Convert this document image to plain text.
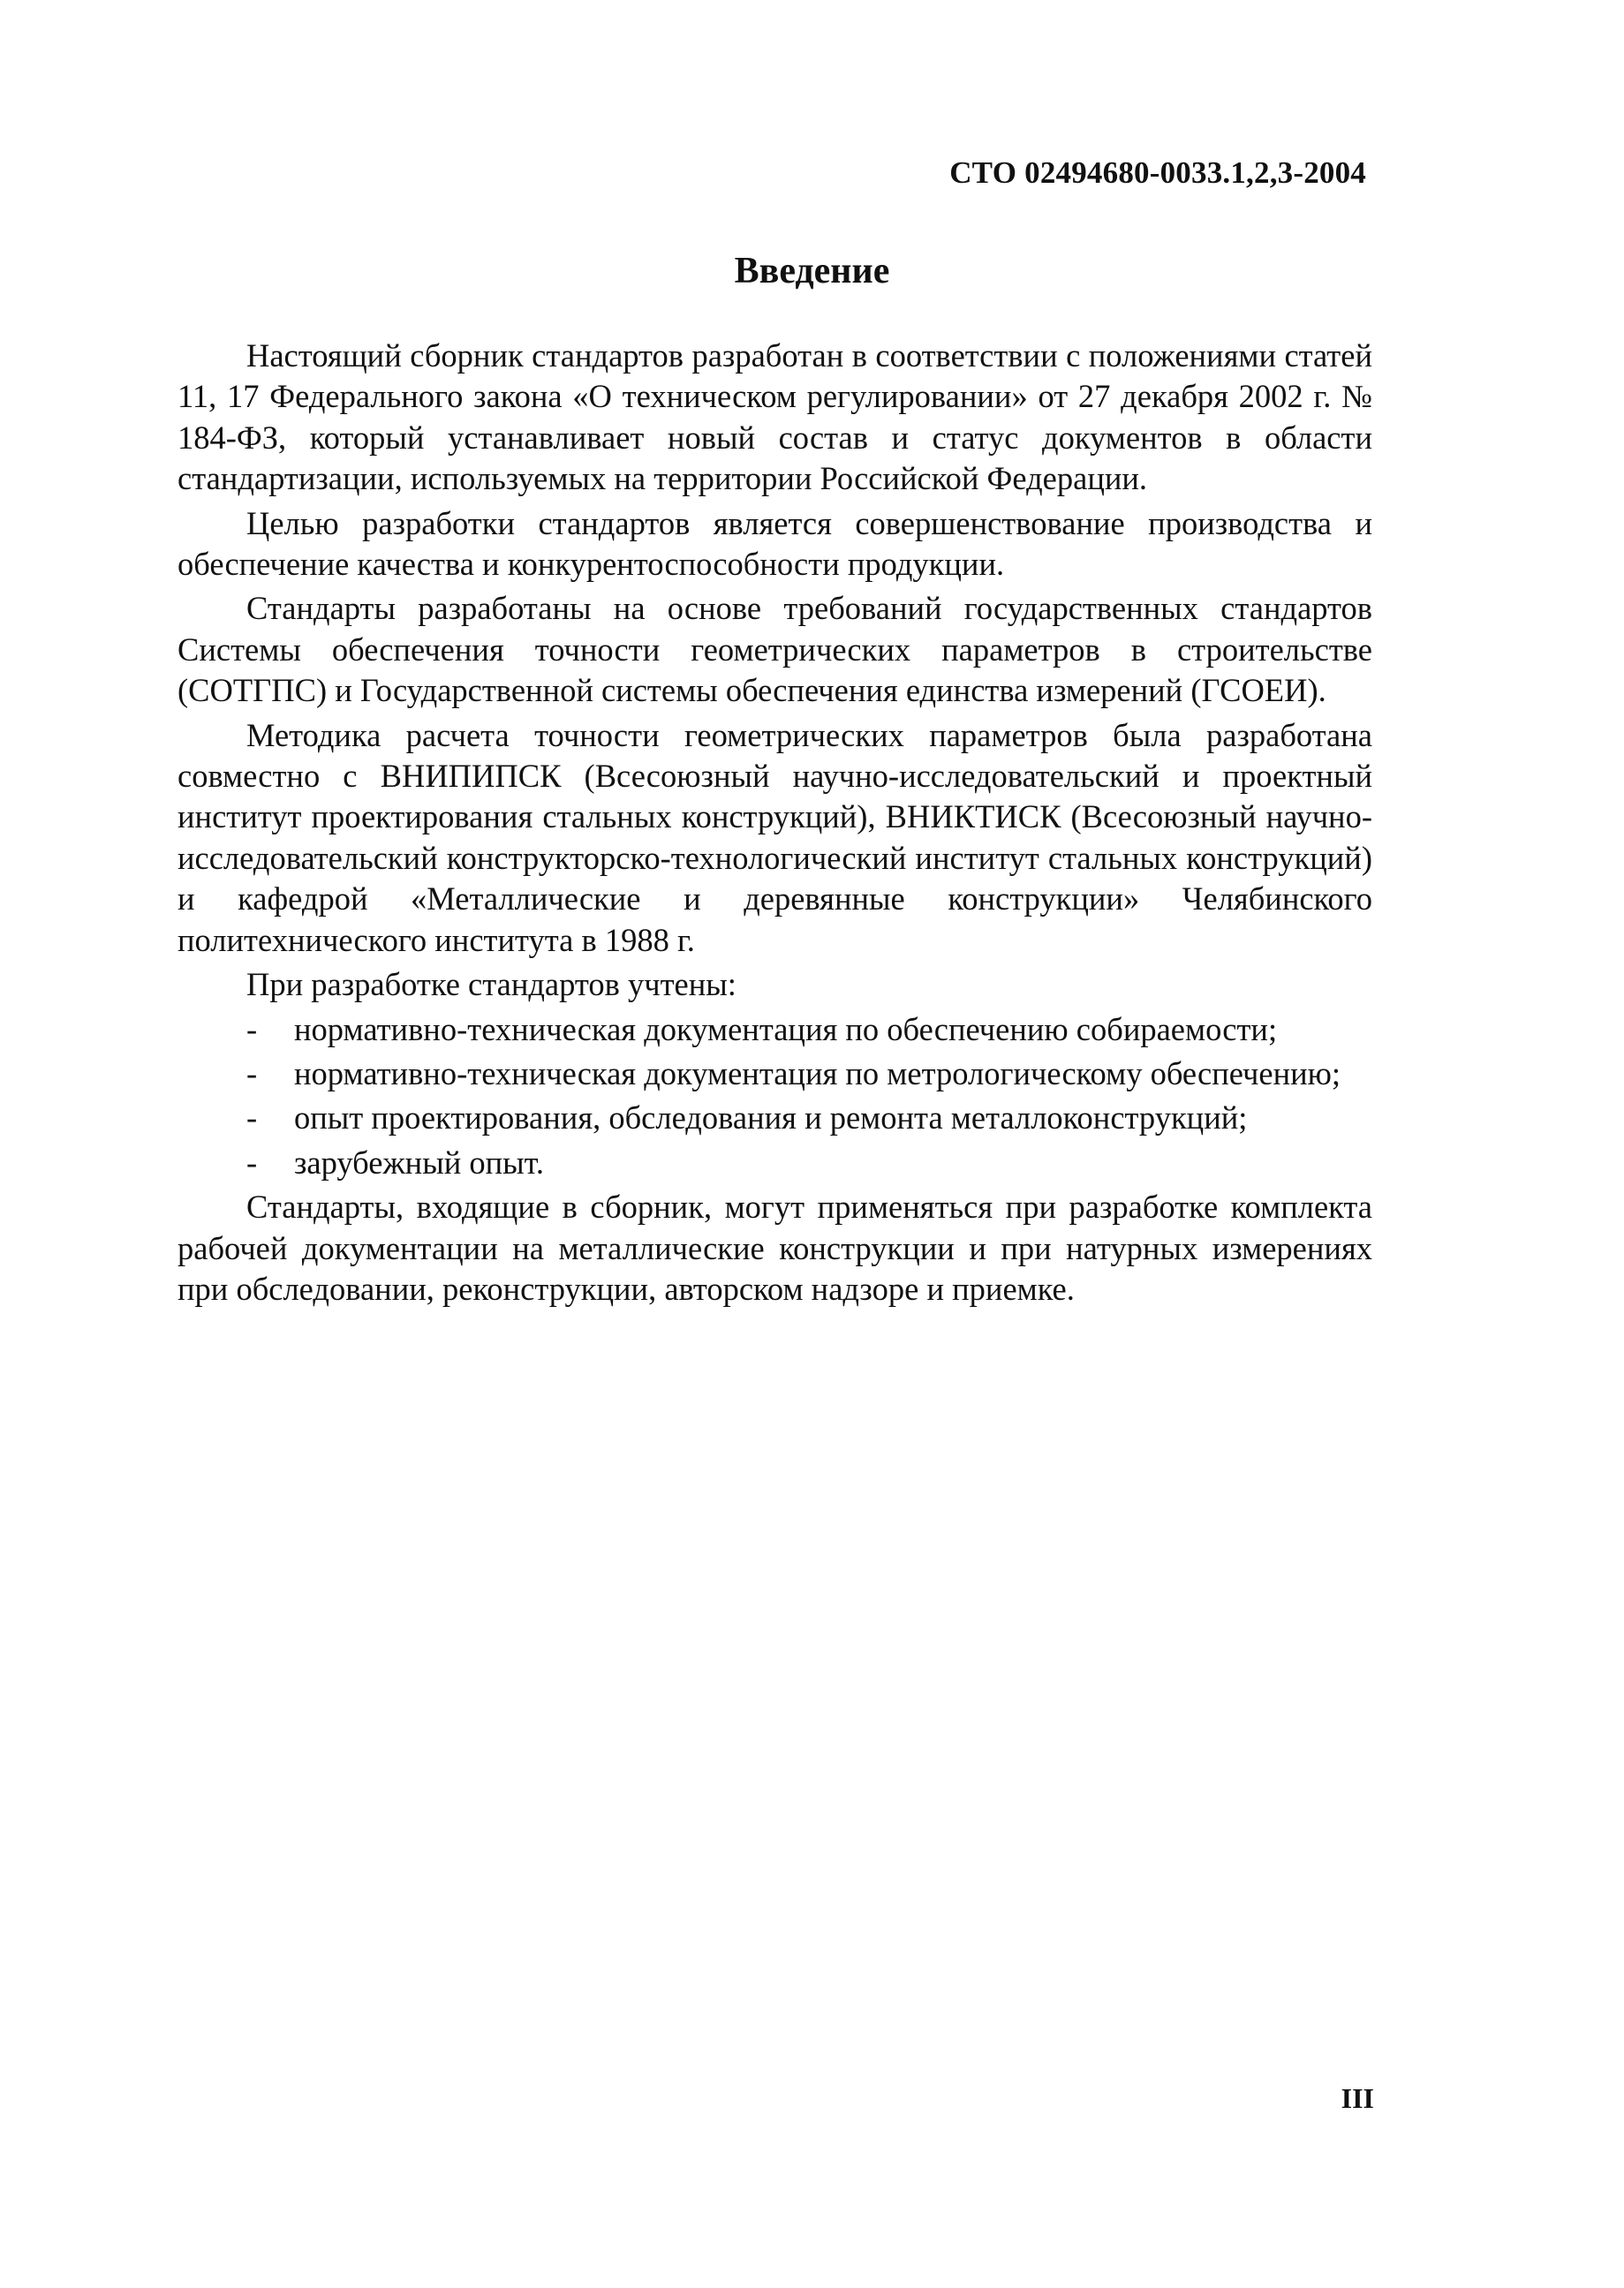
СТО 02494680-0033.1,2,3-2004
Введение

Настоящий сборник стандартов разработан в соответствии с положениями статей 11, 17 Федерального закона «О техническом регулировании» от 27 декабря 2002 г. № 184-ФЗ, который устанавливает новый состав и статус документов в области стандартизации, используемых на территории Российской Федерации.

Целью разработки стандартов является совершенствование производства и обеспечение качества и конкурентоспособности продукции.

Стандарты разработаны на основе требований государственных стандартов Системы обеспечения точности геометрических параметров в строительстве (СОТГПС) и Государственной системы обеспечения единства измерений (ГСОЕИ).

Методика расчета точности геометрических параметров была разработана совместно с ВНИПИПСК (Всесоюзный научно-исследовательский и проектный институт проектирования стальных конструкций), ВНИКТИСК (Всесоюзный научно-исследовательский конструкторско-технологический институт стальных конструкций) и кафедрой «Металлические и деревянные конструкции» Челябинского политехнического института в 1988 г.

При разработке стандартов учтены:

- нормативно-техническая документация по обеспечению собираемости;
- нормативно-техническая документация по метрологическому обеспечению;
- опыт проектирования, обследования и ремонта металлоконструкций;
- зарубежный опыт.

Стандарты, входящие в сборник, могут применяться при разработке комплекта рабочей документации на металлические конструкции и при натурных измерениях при обследовании, реконструкции, авторском надзоре и приемке.

III
